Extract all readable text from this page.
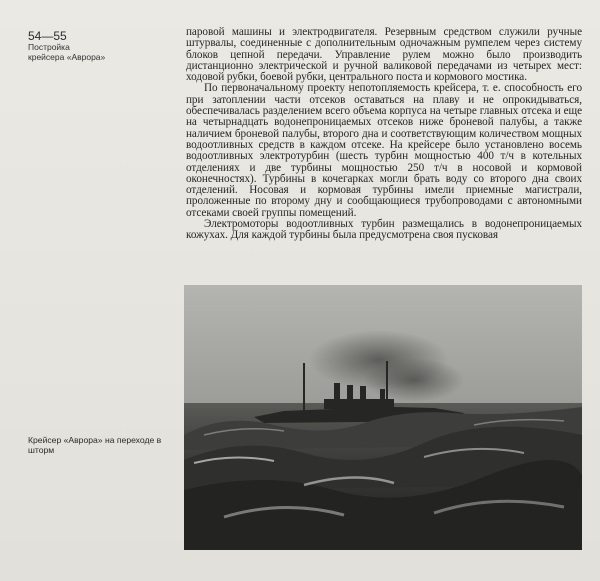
54—55
Постройка
крейсера «Аврора»

паровой машины и электродвигателя. Резервным средством служили ручные штурвалы, соединенные с дополнительным одночажным румпелем через систему блоков цепной передачи. Управление рулем можно было производить дистанционно электрической и ручной валиковой передачами из четырех мест: ходовой рубки, боевой рубки, центрального поста и кормового мостика.

По первоначальному проекту непотопляемость крейсера, т. е. способность его при затоплении части отсеков оставаться на плаву и не опрокидываться, обеспечивалась разделением всего объема корпуса на четыре главных отсека и еще на четырнадцать водонепроницаемых отсеков ниже броневой палубы, а также наличием броневой палубы, второго дна и соответствующим количеством мощных водоотливных средств в каждом отсеке. На крейсере было установлено восемь водоотливных электротурбин (шесть турбин мощностью 400 т/ч в котельных отделениях и две турбины мощностью 250 т/ч в носовой и кормовой оконечностях). Турбины в кочегарках могли брать воду со второго дна своих отделений. Носовая и кормовая турбины имели приемные магистрали, проложенные по второму дну и сообщающиеся трубопроводами с автономными отсеками своей группы помещений.

Электромоторы водоотливных турбин размещались в водонепроницаемых кожухах. Для каждой турбины была предусмотрена своя пусковая

Крейсер «Аврора» на переходе в шторм
